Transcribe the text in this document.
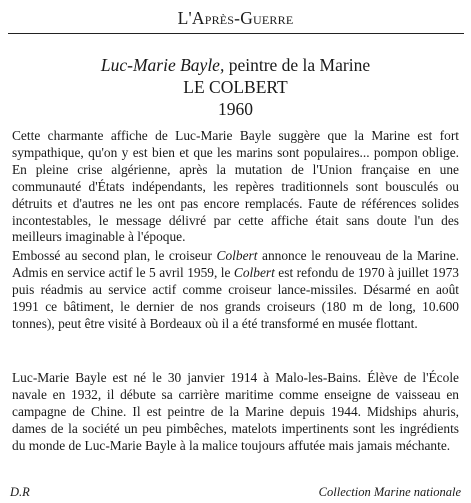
L'Après-Guerre
Luc-Marie Bayle, peintre de la Marine
LE COLBERT
1960

Cette charmante affiche de Luc-Marie Bayle suggère que la Marine est fort sympathique, qu'on y est bien et que les marins sont populaires... pompon oblige. En pleine crise algérienne, après la mutation de l'Union française en une communauté d'États indépendants, les repères traditionnels sont bousculés ou détruits et d'autres ne les ont pas encore remplacés. Faute de références solides incontestables, le message délivré par cette affiche était sans doute l'un des meilleurs imaginable à l'époque.

Embossé au second plan, le croiseur Colbert annonce le renouveau de la Marine. Admis en service actif le 5 avril 1959, le Colbert est refondu de 1970 à juillet 1973 puis réadmis au service actif comme croiseur lance-missiles. Désarmé en août 1991 ce bâtiment, le dernier de nos grands croiseurs (180 m de long, 10.600 tonnes), peut être visité à Bordeaux où il a été transformé en musée flottant.

Luc-Marie Bayle est né le 30 janvier 1914 à Malo-les-Bains. Élève de l'École navale en 1932, il débute sa carrière maritime comme enseigne de vaisseau en campagne de Chine. Il est peintre de la Marine depuis 1944. Midships ahuris, dames de la société un peu pimbêches, matelots impertinents sont les ingrédients du monde de Luc-Marie Bayle à la malice toujours affutée mais jamais méchante.

D.R	Collection Marine nationale
